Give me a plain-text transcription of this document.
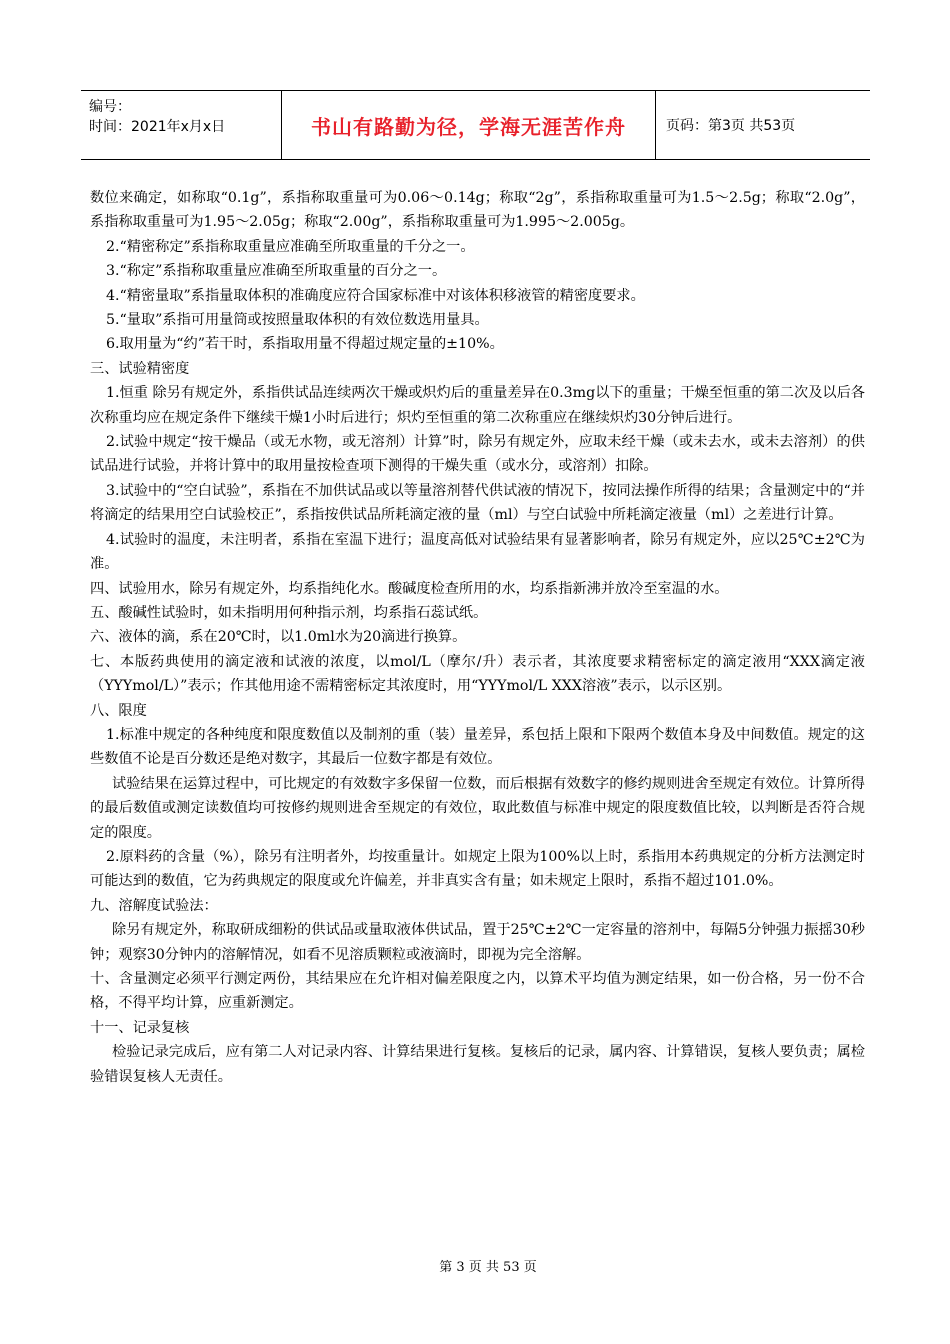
编号：
时间：2021年x月x日	书山有路勤为径，学海无涯苦作舟	页码：第3页 共53页

数位来确定，如称取“0.1g”，系指称取重量可为0.06～0.14g；称取“2g”，系指称取重量可为1.5～2.5g；称取“2.0g”，系指称取重量可为1.95～2.05g；称取“2.00g”，系指称取重量可为1.995～2.005g。

2.“精密称定”系指称取重量应准确至所取重量的千分之一。

3.“称定”系指称取重量应准确至所取重量的百分之一。

4.“精密量取”系指量取体积的准确度应符合国家标准中对该体积移液管的精密度要求。

5.“量取”系指可用量筒或按照量取体积的有效位数选用量具。

6.取用量为“约”若干时，系指取用量不得超过规定量的±10%。

三、试验精密度

1.恒重 除另有规定外，系指供试品连续两次干燥或炽灼后的重量差异在0.3mg以下的重量；干燥至恒重的第二次及以后各次称重均应在规定条件下继续干燥1小时后进行；炽灼至恒重的第二次称重应在继续炽灼30分钟后进行。

2.试验中规定“按干燥品（或无水物，或无溶剂）计算”时，除另有规定外，应取未经干燥（或未去水，或未去溶剂）的供试品进行试验，并将计算中的取用量按检查项下测得的干燥失重（或水分，或溶剂）扣除。

3.试验中的“空白试验”，系指在不加供试品或以等量溶剂替代供试液的情况下，按同法操作所得的结果；含量测定中的“并将滴定的结果用空白试验校正”，系指按供试品所耗滴定液的量（ml）与空白试验中所耗滴定液量（ml）之差进行计算。

4.试验时的温度，未注明者，系指在室温下进行；温度高低对试验结果有显著影响者，除另有规定外，应以25℃±2℃为准。

四、试验用水，除另有规定外，均系指纯化水。酸碱度检查所用的水，均系指新沸并放冷至室温的水。

五、酸碱性试验时，如未指明用何种指示剂，均系指石蕊试纸。

六、液体的滴，系在20℃时，以1.0ml水为20滴进行换算。

七、本版药典使用的滴定液和试液的浓度，以mol/L（摩尔/升）表示者，其浓度要求精密标定的滴定液用“XXX滴定液（YYYmol/L）”表示；作其他用途不需精密标定其浓度时，用“YYYmol/L XXX溶液”表示，以示区别。

八、限度

1.标准中规定的各种纯度和限度数值以及制剂的重（装）量差异，系包括上限和下限两个数值本身及中间数值。规定的这些数值不论是百分数还是绝对数字，其最后一位数字都是有效位。

试验结果在运算过程中，可比规定的有效数字多保留一位数，而后根据有效数字的修约规则进舍至规定有效位。计算所得的最后数值或测定读数值均可按修约规则进舍至规定的有效位，取此数值与标准中规定的限度数值比较，以判断是否符合规定的限度。

2.原料药的含量（%），除另有注明者外，均按重量计。如规定上限为100%以上时，系指用本药典规定的分析方法测定时可能达到的数值，它为药典规定的限度或允许偏差，并非真实含有量；如未规定上限时，系指不超过101.0%。

九、溶解度试验法：

除另有规定外，称取研成细粉的供试品或量取液体供试品，置于25℃±2℃一定容量的溶剂中，每隔5分钟强力振摇30秒钟；观察30分钟内的溶解情况，如看不见溶质颗粒或液滴时，即视为完全溶解。

十、含量测定必须平行测定两份，其结果应在允许相对偏差限度之内，以算术平均值为测定结果，如一份合格，另一份不合格，不得平均计算，应重新测定。

十一、记录复核

检验记录完成后，应有第二人对记录内容、计算结果进行复核。复核后的记录，属内容、计算错误，复核人要负责；属检验错误复核人无责任。

第 3 页 共 53 页
